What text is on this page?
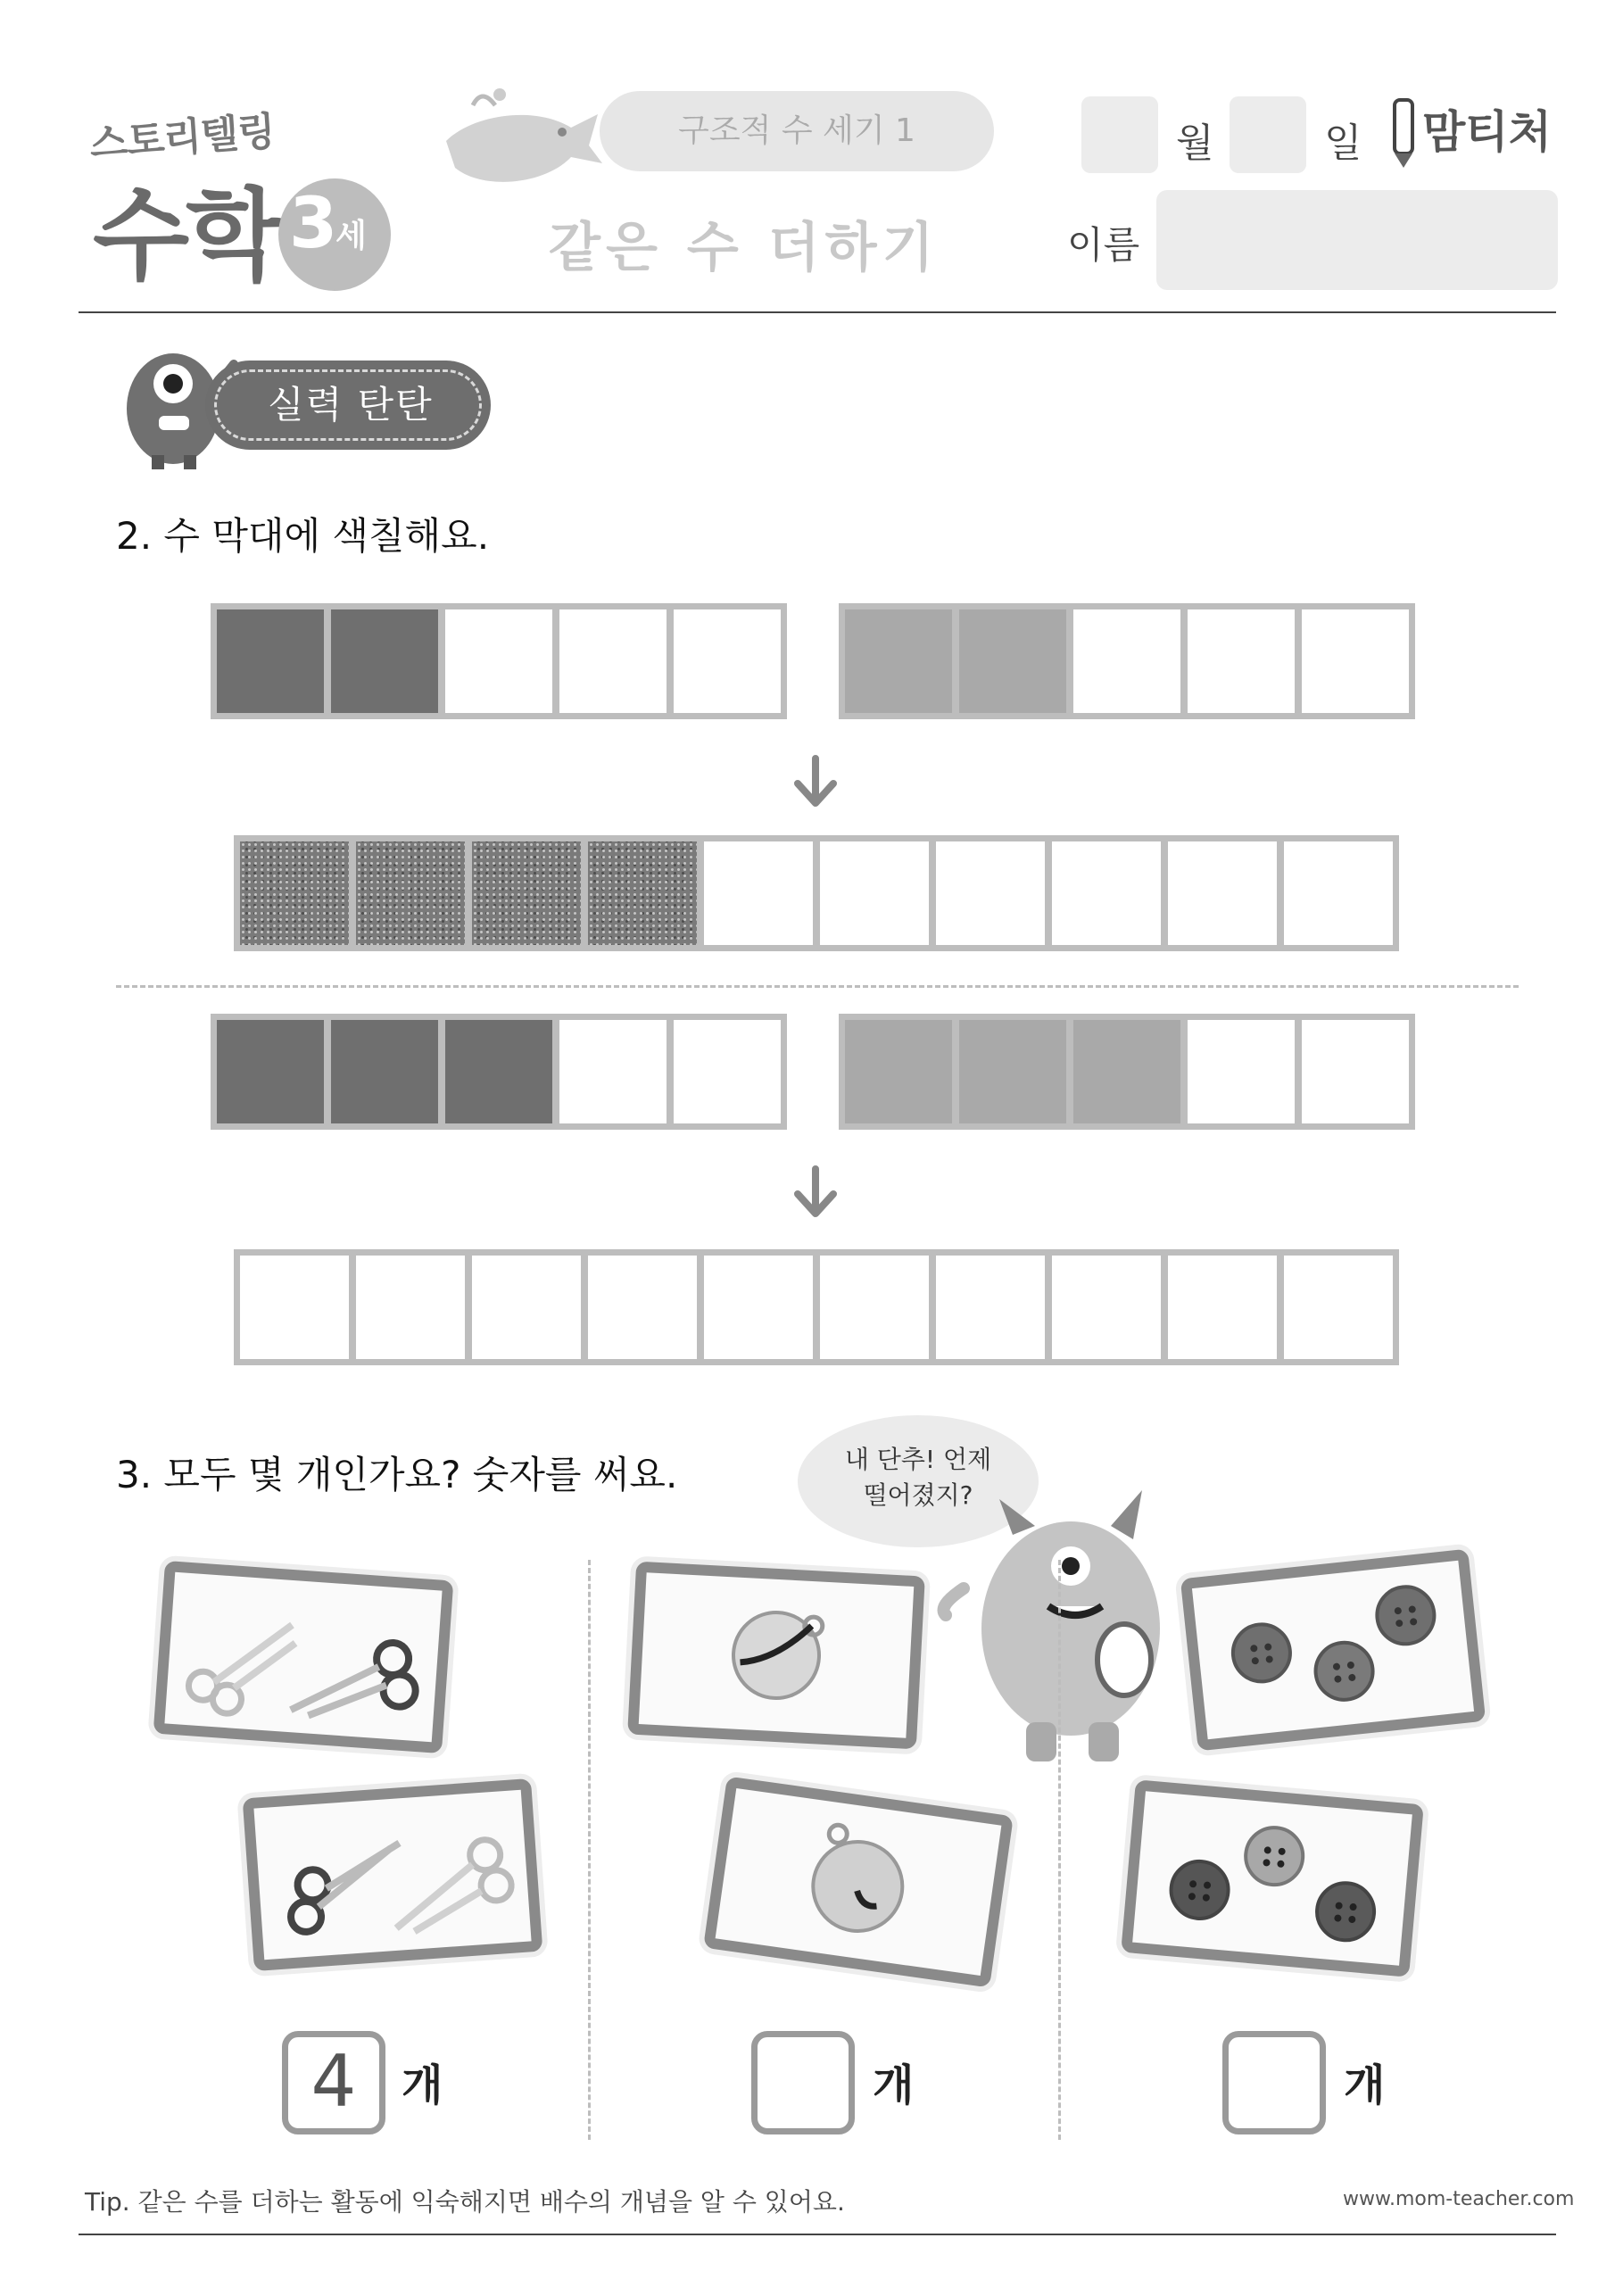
스토리텔링
수학 3
세
구조적 수 세기 1
같은 수 더하기
월	일 맘티처
이름
실력 탄탄
2. 수 막대에 색칠해요.
3. 모두 몇 개인가요? 숫자를 써요.	내 단추! 언제
떨어졌지?
4	개	개	개
Tip. 같은 수를 더하는 활동에 익숙해지면 배수의 개념을 알 수 있어요.	www.mom-teacher.com
